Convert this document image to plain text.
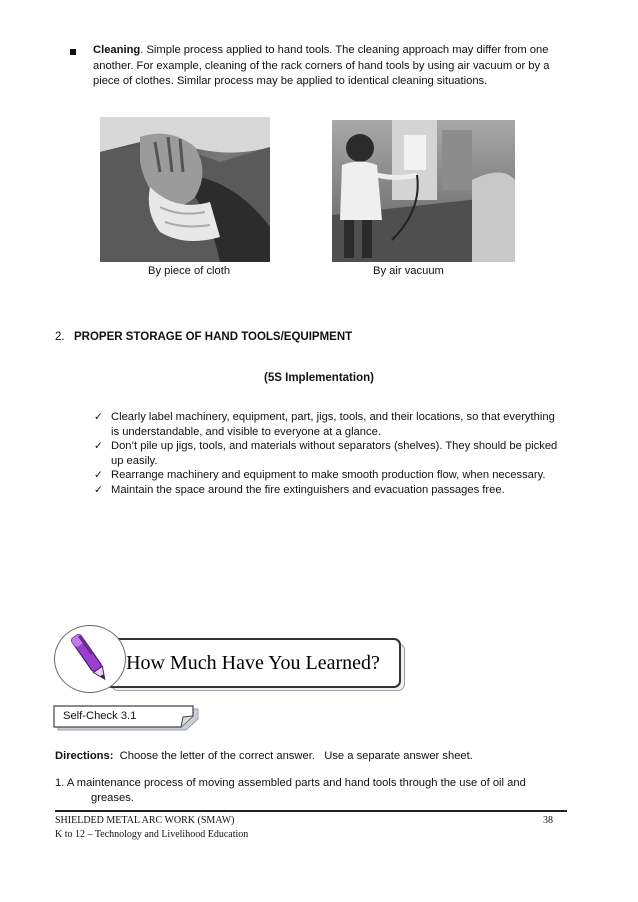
Cleaning. Simple process applied to hand tools. The cleaning approach may differ from one another. For example, cleaning of the rack corners of hand tools by using air vacuum or by a piece of clothes. Similar process may be applied to identical cleaning situations.
By piece of cloth	By air vacuum
2. PROPER STORAGE OF HAND TOOLS/EQUIPMENT
(5S Implementation)
✓ Clearly label machinery, equipment, part, jigs, tools, and their locations, so that everything is understandable, and visible to everyone at a glance.
✓ Don’t pile up jigs, tools, and materials without separators (shelves). They should be picked up easily.
✓ Rearrange machinery and equipment to make smooth production flow, when necessary.
✓ Maintain the space around the fire extinguishers and evacuation passages free.
How Much Have You Learned?
Self-Check 3.1
Directions:  Choose the letter of the correct answer.   Use a separate answer sheet.
1. A maintenance process of moving assembled parts and hand tools through the use of oil and
greases.
SHIELDED METAL ARC WORK (SMAW)
K to 12 – Technology and Livelihood Education
38
